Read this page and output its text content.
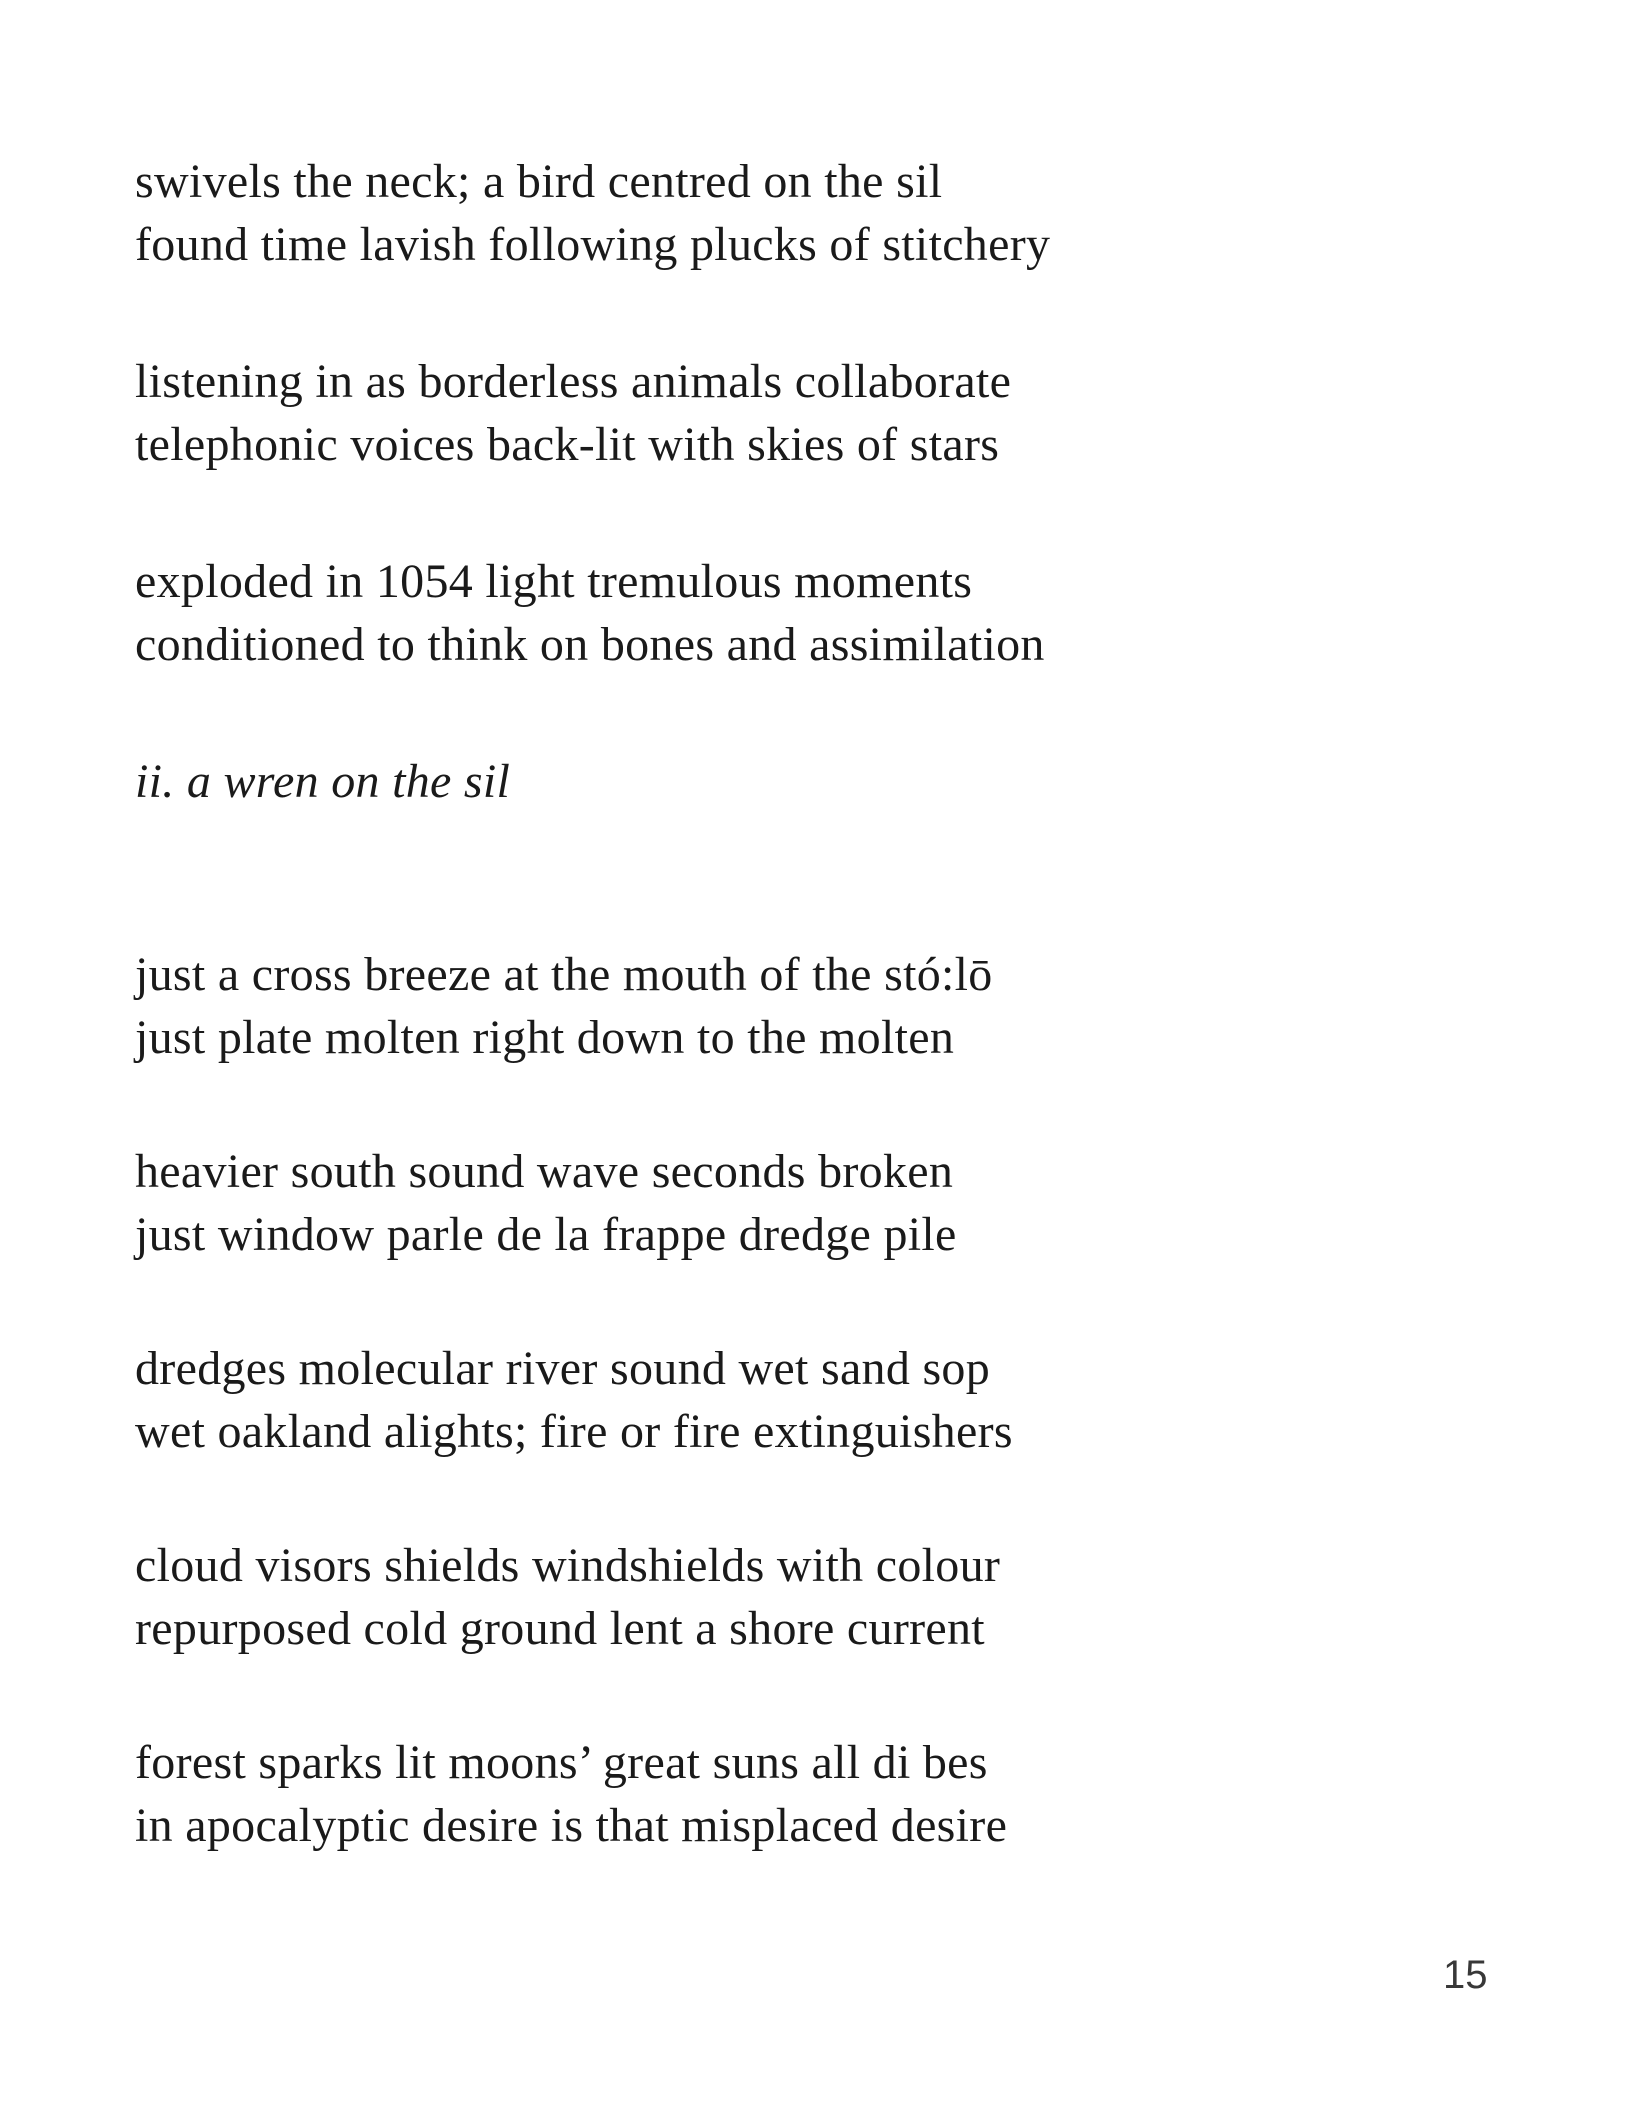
swivels the neck; a bird centred on the sil
found time lavish following plucks of stitchery
listening in as borderless animals collaborate
telephonic voices back-lit with skies of stars
exploded in 1054 light tremulous moments
conditioned to think on bones and assimilation
ii. a wren on the sil
just a cross breeze at the mouth of the stó:lō
just plate molten right down to the molten
heavier south sound wave seconds broken
just window parle de la frappe dredge pile
dredges molecular river sound wet sand sop
wet oakland alights; fire or fire extinguishers
cloud visors shields windshields with colour
repurposed cold ground lent a shore current
forest sparks lit moons’ great suns all di bes
in apocalyptic desire is that misplaced desire
15
